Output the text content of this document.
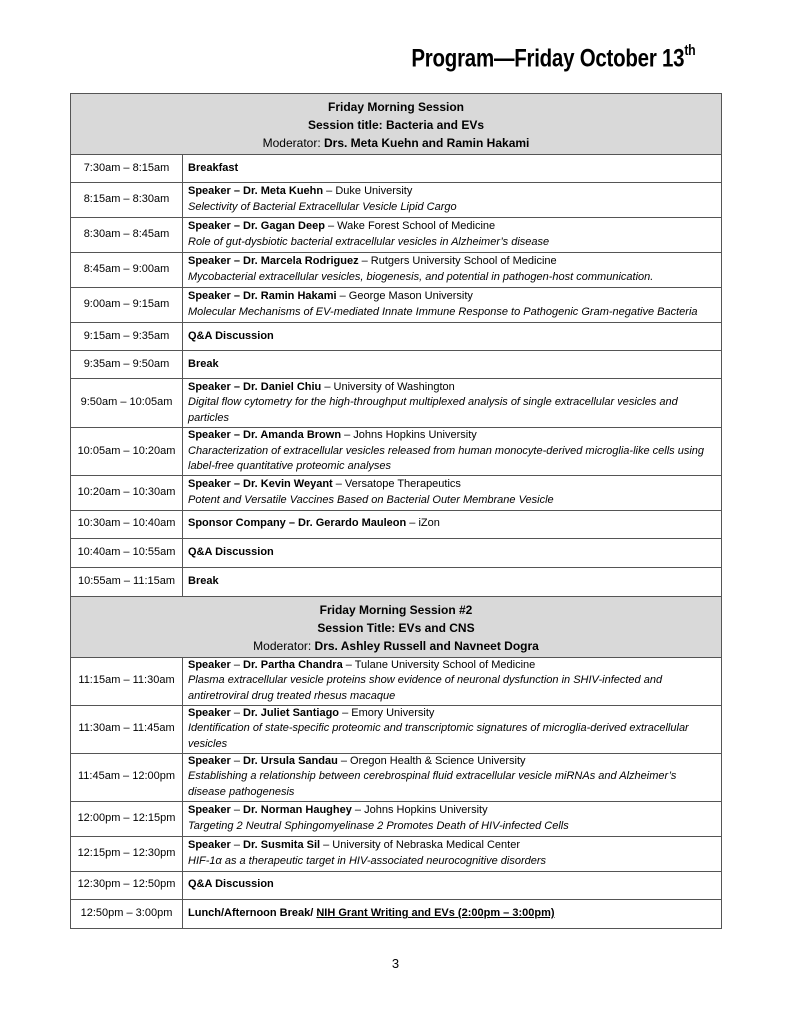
Program—Friday October 13th
Friday Morning Session
Session title: Bacteria and EVs
Moderator: Drs. Meta Kuehn and Ramin Hakami	

7:30am – 8:15am	Breakfast
8:15am – 8:30am	Speaker – Dr. Meta Kuehn – Duke University
Selectivity of Bacterial Extracellular Vesicle Lipid Cargo

8:30am – 8:45am	Speaker – Dr. Gagan Deep – Wake Forest School of Medicine
Role of gut-dysbiotic bacterial extracellular vesicles in Alzheimer’s disease

8:45am – 9:00am	Speaker – Dr. Marcela Rodriguez – Rutgers University School of Medicine
Mycobacterial extracellular vesicles, biogenesis, and potential in pathogen-host communication.

9:00am – 9:15am	Speaker – Dr. Ramin Hakami – George Mason University
Molecular Mechanisms of EV-mediated Innate Immune Response to Pathogenic Gram-negative Bacteria

9:15am – 9:35am	Q&A Discussion
9:35am – 9:50am	Break
9:50am – 10:05am	Speaker – Dr. Daniel Chiu – University of Washington
Digital flow cytometry for the high-throughput multiplexed analysis of single extracellular vesicles and particles

10:05am – 10:20am	Speaker – Dr. Amanda Brown – Johns Hopkins University
Characterization of extracellular vesicles released from human monocyte-derived microglia-like cells using label-free quantitative proteomic analyses

10:20am – 10:30am	Speaker – Dr. Kevin Weyant – Versatope Therapeutics
Potent and Versatile Vaccines Based on Bacterial Outer Membrane Vesicle

10:30am – 10:40am	Sponsor Company – Dr. Gerardo Mauleon – iZon
10:40am – 10:55am	Q&A Discussion
10:55am – 11:15am	Break

Friday Morning Session #2
Session Title: EVs and CNS
Moderator: Drs. Ashley Russell and Navneet Dogra	

11:15am – 11:30am	Speaker – Dr. Partha Chandra – Tulane University School of Medicine
Plasma extracellular vesicle proteins show evidence of neuronal dysfunction in SHIV-infected and antiretroviral drug treated rhesus macaque

11:30am – 11:45am	Speaker – Dr. Juliet Santiago – Emory University
Identification of state-specific proteomic and transcriptomic signatures of microglia-derived extracellular vesicles

11:45am – 12:00pm	Speaker – Dr. Ursula Sandau – Oregon Health & Science University
Establishing a relationship between cerebrospinal fluid extracellular vesicle miRNAs and Alzheimer’s disease pathogenesis

12:00pm – 12:15pm	Speaker – Dr. Norman Haughey – Johns Hopkins University
Targeting 2 Neutral Sphingomyelinase 2 Promotes Death of HIV-infected Cells

12:15pm – 12:30pm	Speaker – Dr. Susmita Sil – University of Nebraska Medical Center
HIF-1α as a therapeutic target in HIV-associated neurocognitive disorders

12:30pm – 12:50pm	Q&A Discussion
12:50pm – 3:00pm	Lunch/Afternoon Break/ NIH Grant Writing and EVs (2:00pm – 3:00pm)
3
